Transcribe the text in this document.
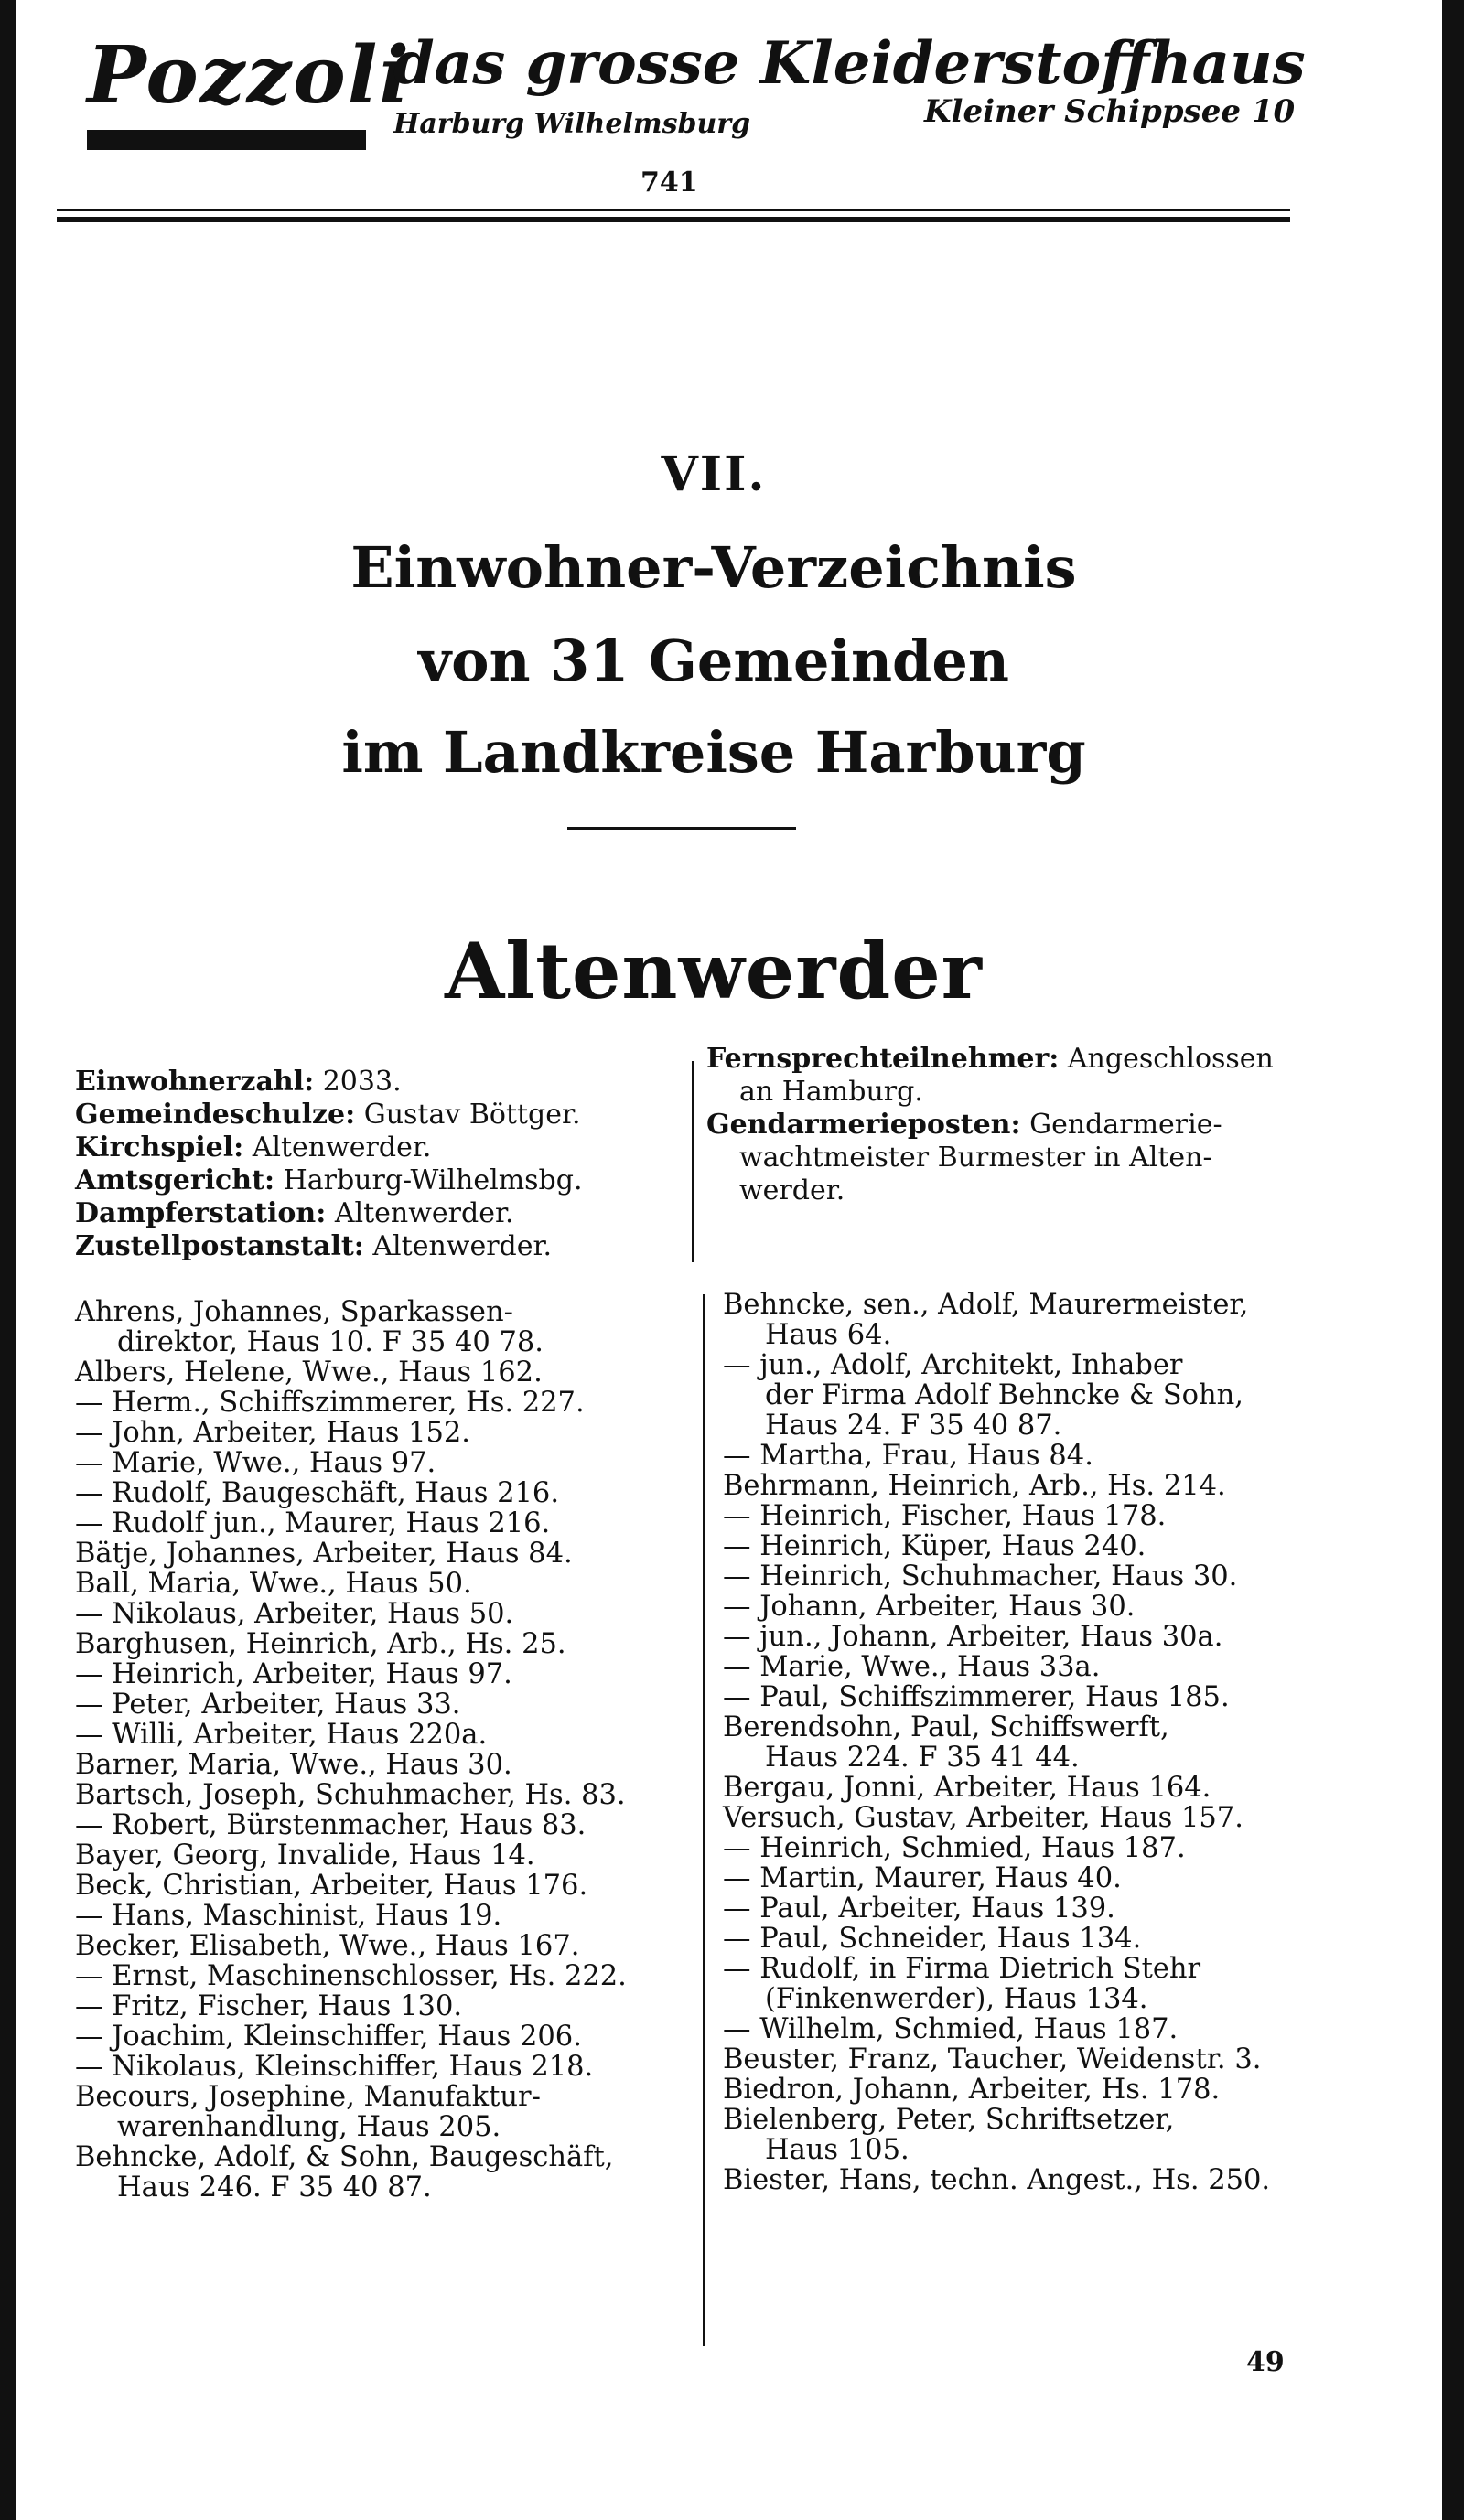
Pozzoli
das grosse Kleiderstoffhaus
Harburg Wilhelmsburg	Kleiner Schippsee 10
741
VII.
Einwohner-Verzeichnis
von 31 Gemeinden
im Landkreise Harburg
Altenwerder
Einwohnerzahl: 2033.
Gemeindeschulze: Gustav Böttger.
Kirchspiel: Altenwerder.
Amtsgericht: Harburg-Wilhelmsbg.
Dampferstation: Altenwerder.
Zustellpostanstalt: Altenwerder.
Fernsprechteilnehmer: Angeschlossen
an Hamburg.
Gendarmerieposten: Gendarmerie-
wachtmeister Burmester in Alten-
werder.
Ahrens, Johannes, Sparkassen-
direktor, Haus 10. F 35 40 78.
Albers, Helene, Wwe., Haus 162.
— Herm., Schiffszimmerer, Hs. 227.
— John, Arbeiter, Haus 152.
— Marie, Wwe., Haus 97.
— Rudolf, Baugeschäft, Haus 216.
— Rudolf jun., Maurer, Haus 216.
Bätje, Johannes, Arbeiter, Haus 84.
Ball, Maria, Wwe., Haus 50.
— Nikolaus, Arbeiter, Haus 50.
Barghusen, Heinrich, Arb., Hs. 25.
— Heinrich, Arbeiter, Haus 97.
— Peter, Arbeiter, Haus 33.
— Willi, Arbeiter, Haus 220a.
Barner, Maria, Wwe., Haus 30.
Bartsch, Joseph, Schuhmacher, Hs. 83.
— Robert, Bürstenmacher, Haus 83.
Bayer, Georg, Invalide, Haus 14.
Beck, Christian, Arbeiter, Haus 176.
— Hans, Maschinist, Haus 19.
Becker, Elisabeth, Wwe., Haus 167.
— Ernst, Maschinenschlosser, Hs. 222.
— Fritz, Fischer, Haus 130.
— Joachim, Kleinschiffer, Haus 206.
— Nikolaus, Kleinschiffer, Haus 218.
Becours, Josephine, Manufaktur-
warenhandlung, Haus 205.
Behncke, Adolf, & Sohn, Baugeschäft,
Haus 246. F 35 40 87.
Behncke, sen., Adolf, Maurermeister,
Haus 64.
— jun., Adolf, Architekt, Inhaber
der Firma Adolf Behncke & Sohn,
Haus 24. F 35 40 87.
— Martha, Frau, Haus 84.
Behrmann, Heinrich, Arb., Hs. 214.
— Heinrich, Fischer, Haus 178.
— Heinrich, Küper, Haus 240.
— Heinrich, Schuhmacher, Haus 30.
— Johann, Arbeiter, Haus 30.
— jun., Johann, Arbeiter, Haus 30a.
— Marie, Wwe., Haus 33a.
— Paul, Schiffszimmerer, Haus 185.
Berendsohn, Paul, Schiffswerft,
Haus 224. F 35 41 44.
Bergau, Jonni, Arbeiter, Haus 164.
Versuch, Gustav, Arbeiter, Haus 157.
— Heinrich, Schmied, Haus 187.
— Martin, Maurer, Haus 40.
— Paul, Arbeiter, Haus 139.
— Paul, Schneider, Haus 134.
— Rudolf, in Firma Dietrich Stehr
(Finkenwerder), Haus 134.
— Wilhelm, Schmied, Haus 187.
Beuster, Franz, Taucher, Weidenstr. 3.
Biedron, Johann, Arbeiter, Hs. 178.
Bielenberg, Peter, Schriftsetzer,
Haus 105.
Biester, Hans, techn. Angest., Hs. 250.
49
